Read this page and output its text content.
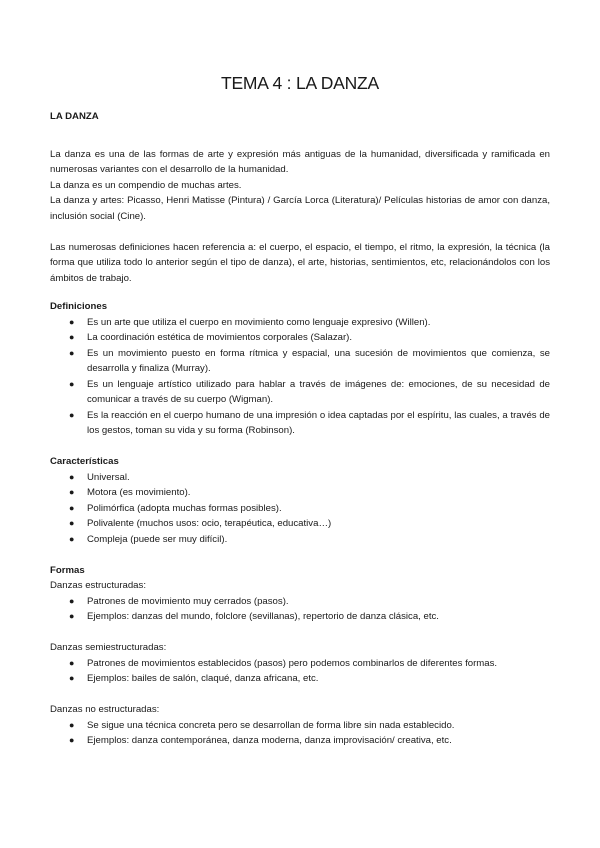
TEMA 4 : LA DANZA

LA DANZA

La danza es una de las formas de arte y expresión más antiguas de la humanidad, diversificada y ramificada en numerosas variantes con el desarrollo de la humanidad.

La danza es un compendio de muchas artes.

La danza y artes: Picasso, Henri Matisse (Pintura) / García Lorca (Literatura)/ Películas historias de amor con danza, inclusión social (Cine).

Las numerosas definiciones hacen referencia a: el cuerpo, el espacio, el tiempo, el ritmo, la expresión, la técnica (la forma que utiliza todo lo anterior según el tipo de danza), el arte, historias, sentimientos, etc, relacionándolos con los ámbitos de trabajo.

Definiciones

● Es un arte que utiliza el cuerpo en movimiento como lenguaje expresivo (Willen).
● La coordinación estética de movimientos corporales (Salazar).
● Es un movimiento puesto en forma rítmica y espacial, una sucesión de movimientos que comienza, se desarrolla y finaliza (Murray).
● Es un lenguaje artístico utilizado para hablar a través de imágenes de: emociones, de su necesidad de comunicar a través de su cuerpo (Wigman).
● Es la reacción en el cuerpo humano de una impresión o idea captadas por el espíritu, las cuales, a través de los gestos, toman su vida y su forma (Robinson).

Características

● Universal.
● Motora (es movimiento).
● Polimórfica (adopta muchas formas posibles).
● Polivalente (muchos usos: ocio, terapéutica, educativa…)
● Compleja (puede ser muy difícil).

Formas

Danzas estructuradas:

● Patrones de movimiento muy cerrados (pasos).
● Ejemplos: danzas del mundo, folclore (sevillanas), repertorio de danza clásica, etc.

Danzas semiestructuradas:

● Patrones de movimientos establecidos (pasos) pero podemos combinarlos de diferentes formas.
● Ejemplos: bailes de salón, claqué, danza africana, etc.

Danzas no estructuradas:

● Se sigue una técnica concreta pero se desarrollan de forma libre sin nada establecido.
● Ejemplos: danza contemporánea, danza moderna, danza improvisación/ creativa, etc.
